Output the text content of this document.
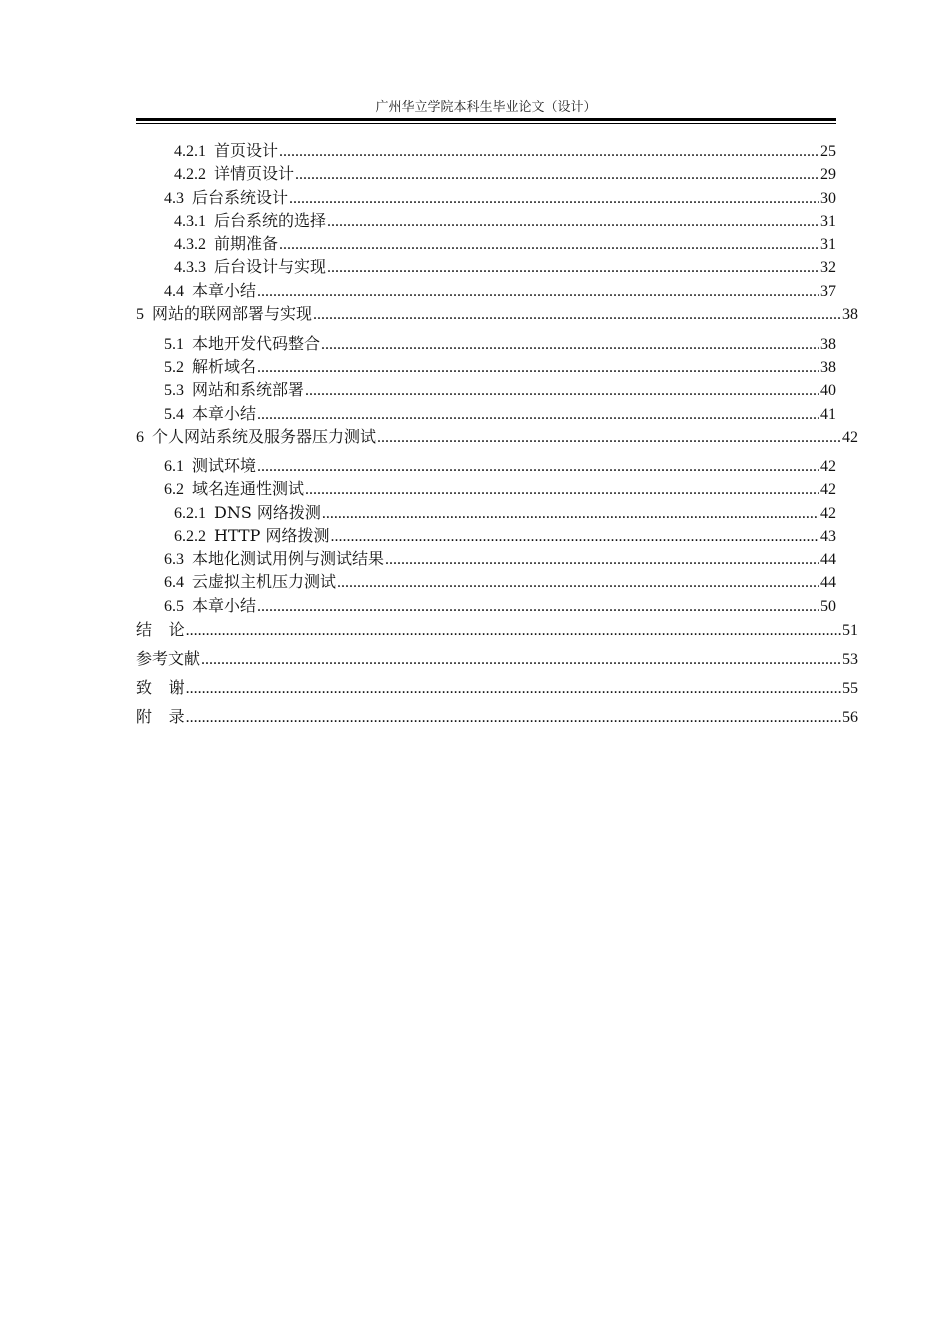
广州华立学院本科生毕业论文（设计）
4.2.1 首页设计 .....	25
4.2.2 详情页设计 .....	29
4.3 后台系统设计 .....	30
4.3.1 后台系统的选择 .....	31
4.3.2 前期准备 .....	31
4.3.3 后台设计与实现 .....	32
4.4 本章小结 .....	37
5 网站的联网部署与实现 .....	38
5.1 本地开发代码整合 .....	38
5.2 解析域名 .....	38
5.3 网站和系统部署 .....	40
5.4 本章小结 .....	41
6 个人网站系统及服务器压力测试 .....	42
6.1 测试环境 .....	42
6.2 域名连通性测试 .....	42
6.2.1 DNS 网络拨测 .....	42
6.2.2 HTTP 网络拨测 .....	43
6.3 本地化测试用例与测试结果 .....	44
6.4 云虚拟主机压力测试 .....	44
6.5 本章小结 .....	50
结论 .....	51
参考文献 .....	53
致谢 .....	55
附录 .....	56
